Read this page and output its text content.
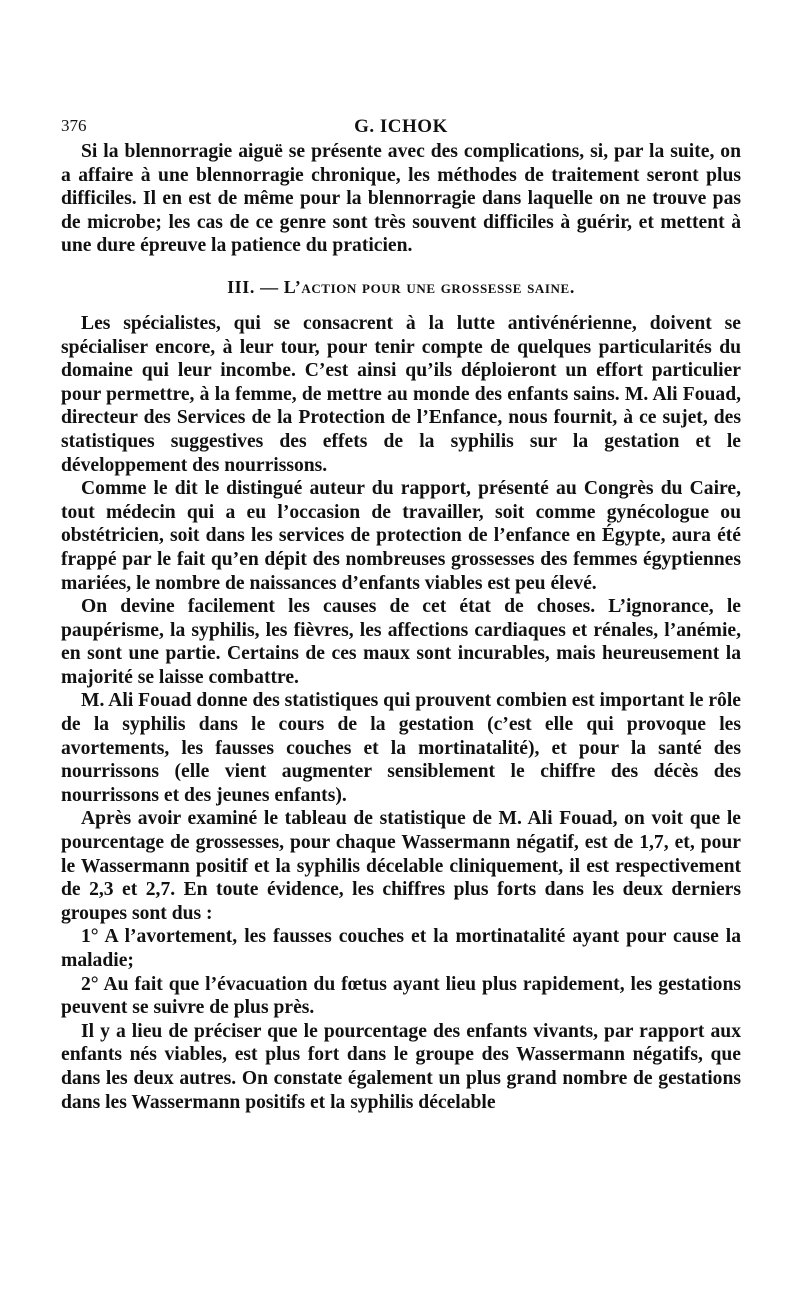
376	G. ICHOK

Si la blennorragie aiguë se présente avec des complications, si, par la suite, on a affaire à une blennorragie chronique, les méthodes de traitement seront plus difficiles. Il en est de même pour la blennorragie dans laquelle on ne trouve pas de microbe; les cas de ce genre sont très souvent difficiles à guérir, et mettent à une dure épreuve la patience du praticien.

III. — L’action pour une grossesse saine.

Les spécialistes, qui se consacrent à la lutte antivénérienne, doivent se spécialiser encore, à leur tour, pour tenir compte de quelques particularités du domaine qui leur incombe. C’est ainsi qu’ils déploieront un effort particulier pour permettre, à la femme, de mettre au monde des enfants sains. M. Ali Fouad, directeur des Services de la Protection de l’Enfance, nous fournit, à ce sujet, des statistiques suggestives des effets de la syphilis sur la gestation et le développement des nourrissons.

Comme le dit le distingué auteur du rapport, présenté au Congrès du Caire, tout médecin qui a eu l’occasion de travailler, soit comme gynécologue ou obstétricien, soit dans les services de protection de l’enfance en Égypte, aura été frappé par le fait qu’en dépit des nombreuses grossesses des femmes égyptiennes mariées, le nombre de naissances d’enfants viables est peu élevé.

On devine facilement les causes de cet état de choses. L’ignorance, le paupérisme, la syphilis, les fièvres, les affections cardiaques et rénales, l’anémie, en sont une partie. Certains de ces maux sont incurables, mais heureusement la majorité se laisse combattre.

M. Ali Fouad donne des statistiques qui prouvent combien est important le rôle de la syphilis dans le cours de la gestation (c’est elle qui provoque les avortements, les fausses couches et la mortinatalité), et pour la santé des nourrissons (elle vient augmenter sensiblement le chiffre des décès des nourrissons et des jeunes enfants).

Après avoir examiné le tableau de statistique de M. Ali Fouad, on voit que le pourcentage de grossesses, pour chaque Wassermann négatif, est de 1,7, et, pour le Wassermann positif et la syphilis décelable cliniquement, il est respectivement de 2,3 et 2,7. En toute évidence, les chiffres plus forts dans les deux derniers groupes sont dus :

1° A l’avortement, les fausses couches et la mortinatalité ayant pour cause la maladie;

2° Au fait que l’évacuation du fœtus ayant lieu plus rapidement, les gestations peuvent se suivre de plus près.

Il y a lieu de préciser que le pourcentage des enfants vivants, par rapport aux enfants nés viables, est plus fort dans le groupe des Wassermann négatifs, que dans les deux autres. On constate également un plus grand nombre de gestations dans les Wassermann positifs et la syphilis décelable
